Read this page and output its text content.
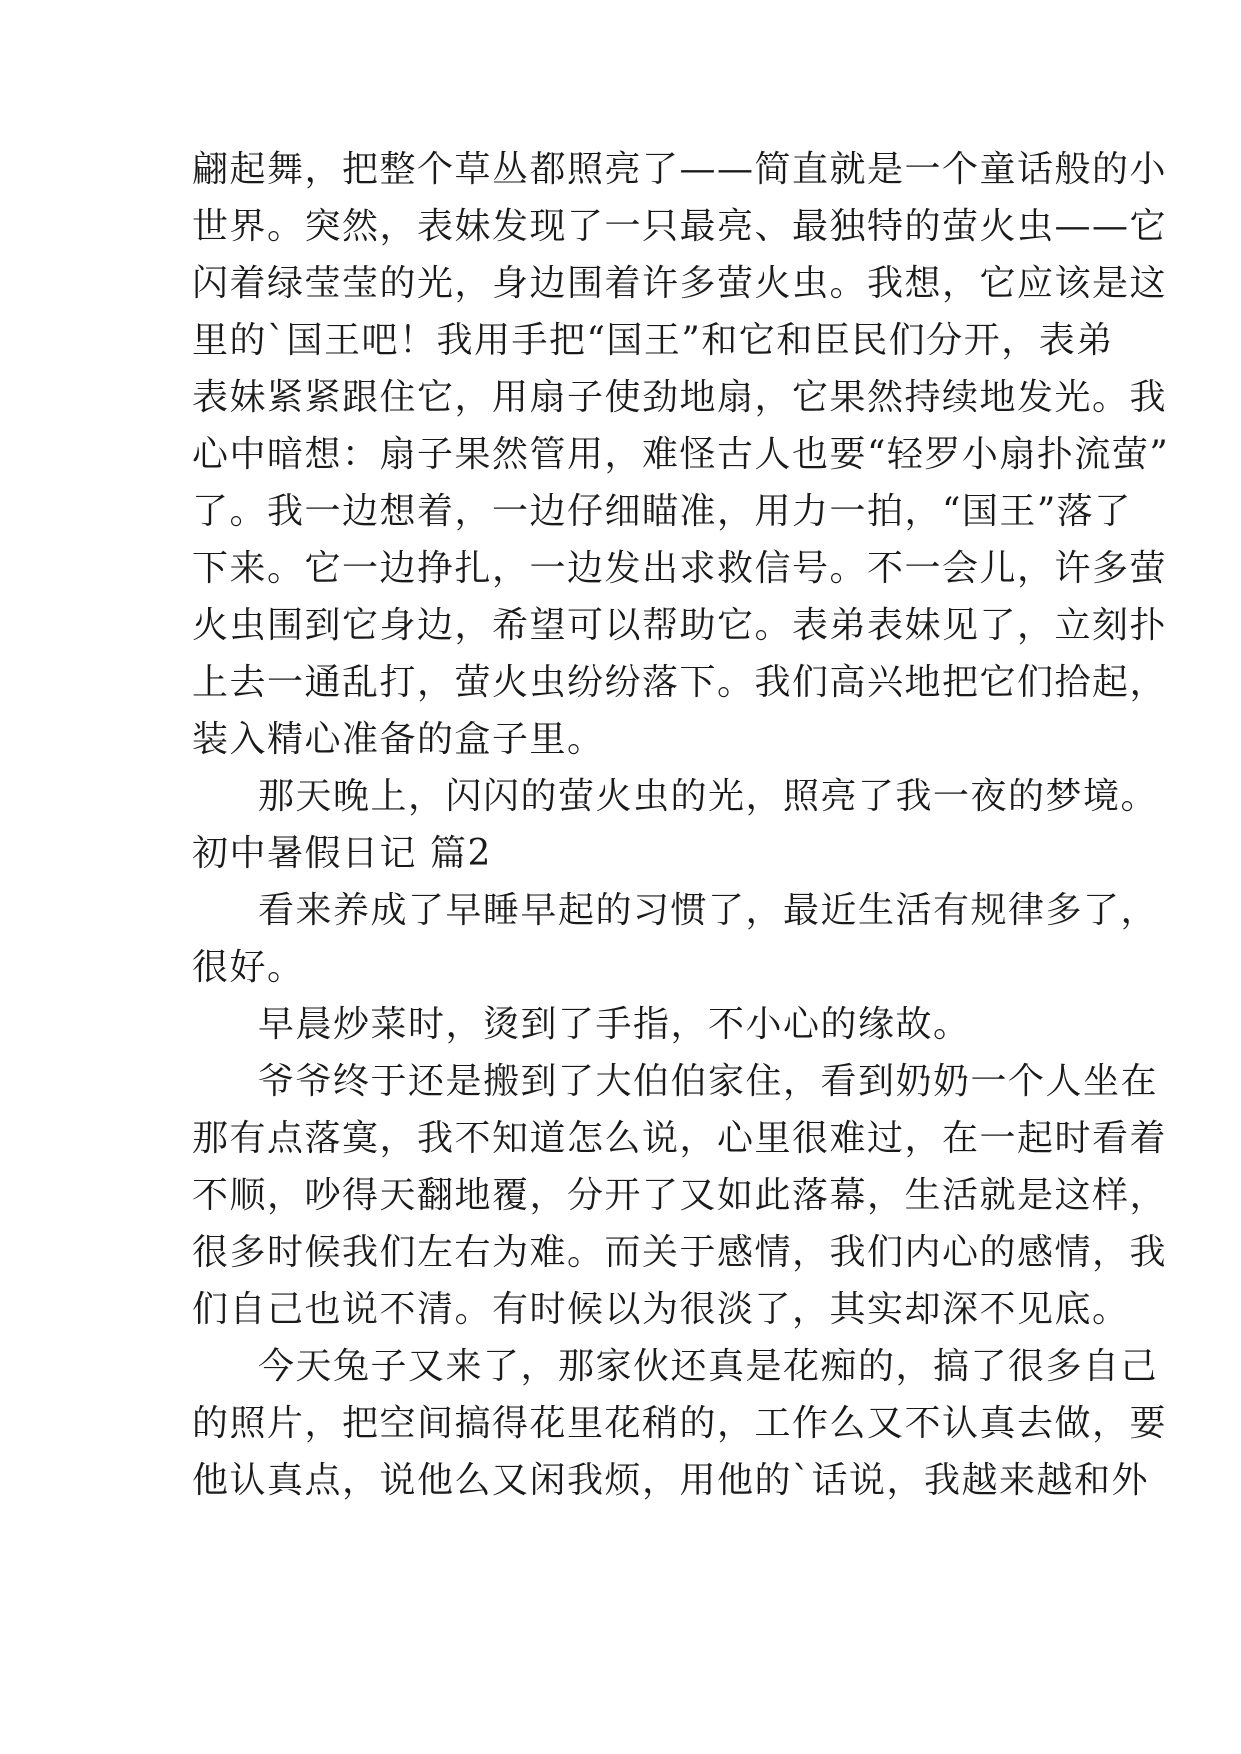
翩起舞，把整个草丛都照亮了——简直就是一个童话般的小
世界。突然，表妹发现了一只最亮、最独特的萤火虫——它
闪着绿莹莹的光，身边围着许多萤火虫。我想，它应该是这
里的`国王吧！我用手把“国王”和它和臣民们分开，表弟
表妹紧紧跟住它，用扇子使劲地扇，它果然持续地发光。我
心中暗想：扇子果然管用，难怪古人也要“轻罗小扇扑流萤”
了。我一边想着，一边仔细瞄准，用力一拍，“国王”落了
下来。它一边挣扎，一边发出求救信号。不一会儿，许多萤
火虫围到它身边，希望可以帮助它。表弟表妹见了，立刻扑
上去一通乱打，萤火虫纷纷落下。我们高兴地把它们拾起，
装入精心准备的盒子里。
那天晚上，闪闪的萤火虫的光，照亮了我一夜的梦境。
初中暑假日记 篇2
看来养成了早睡早起的习惯了，最近生活有规律多了，
很好。
早晨炒菜时，烫到了手指，不小心的缘故。
爷爷终于还是搬到了大伯伯家住，看到奶奶一个人坐在
那有点落寞，我不知道怎么说，心里很难过，在一起时看着
不顺，吵得天翻地覆，分开了又如此落幕，生活就是这样，
很多时候我们左右为难。而关于感情，我们内心的感情，我
们自己也说不清。有时候以为很淡了，其实却深不见底。
今天兔子又来了，那家伙还真是花痴的，搞了很多自己
的照片，把空间搞得花里花稍的，工作么又不认真去做，要
他认真点，说他么又闲我烦，用他的`话说，我越来越和外
